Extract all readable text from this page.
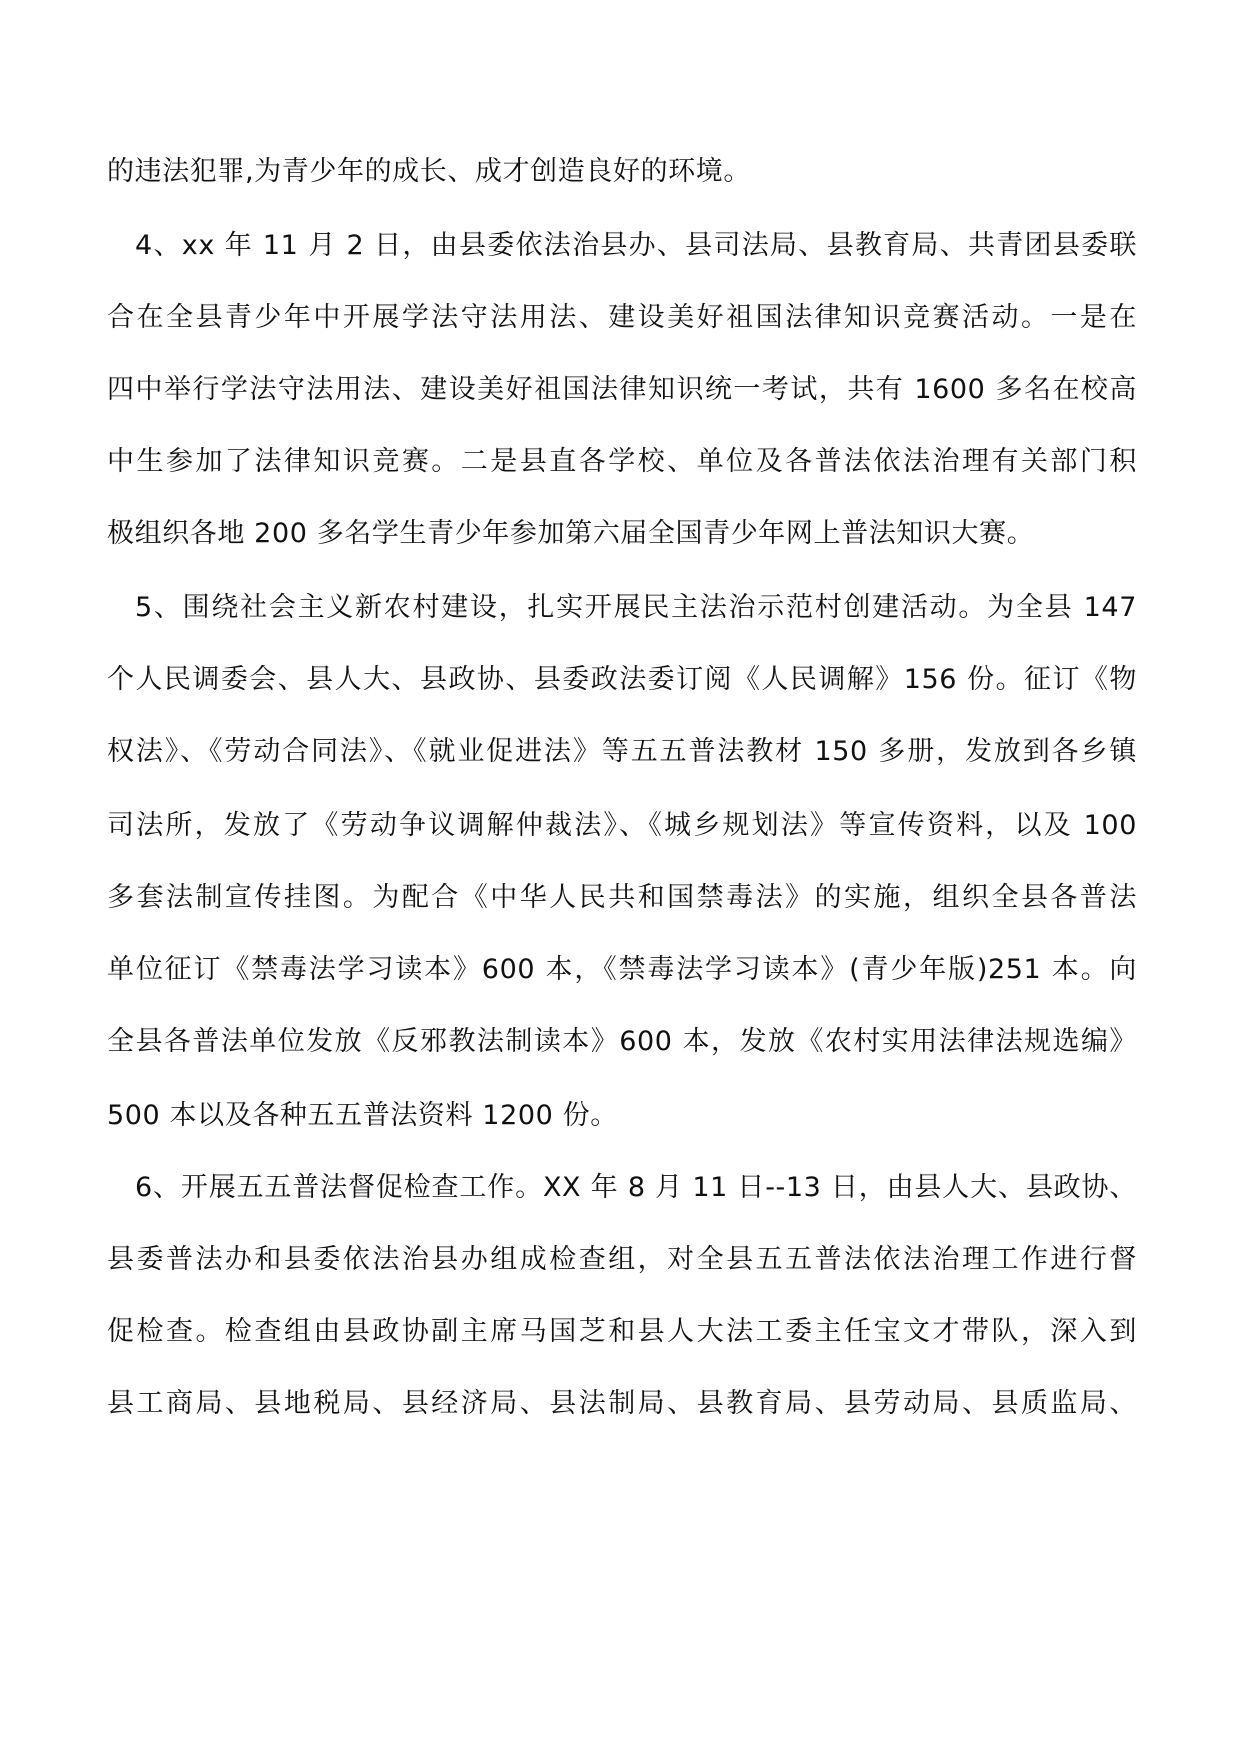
的违法犯罪,为青少年的成长、成才创造良好的环境。
4、xx 年 11 月 2 日，由县委依法治县办、县司法局、县教育局、共青团县委联
合在全县青少年中开展学法守法用法、建设美好祖国法律知识竞赛活动。一是在
四中举行学法守法用法、建设美好祖国法律知识统一考试，共有 1600 多名在校高
中生参加了法律知识竞赛。二是县直各学校、单位及各普法依法治理有关部门积
极组织各地 200 多名学生青少年参加第六届全国青少年网上普法知识大赛。
5、围绕社会主义新农村建设，扎实开展民主法治示范村创建活动。为全县 147
个人民调委会、县人大、县政协、县委政法委订阅《人民调解》156 份。征订《物
权法》、《劳动合同法》、《就业促进法》等五五普法教材 150 多册，发放到各乡镇
司法所，发放了《劳动争议调解仲裁法》、《城乡规划法》等宣传资料，以及 100
多套法制宣传挂图。为配合《中华人民共和国禁毒法》的实施，组织全县各普法
单位征订《禁毒法学习读本》600 本，《禁毒法学习读本》(青少年版)251 本。向
全县各普法单位发放《反邪教法制读本》600 本，发放《农村实用法律法规选编》
500 本以及各种五五普法资料 1200 份。
6、开展五五普法督促检查工作。XX 年 8 月 11 日--13 日，由县人大、县政协、
县委普法办和县委依法治县办组成检查组，对全县五五普法依法治理工作进行督
促检查。检查组由县政协副主席马国芝和县人大法工委主任宝文才带队，深入到
县工商局、县地税局、县经济局、县法制局、县教育局、县劳动局、县质监局、
